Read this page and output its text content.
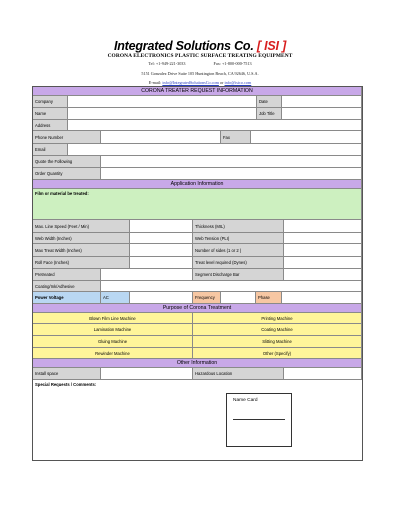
Integrated Solutions Co. [ ISI ]
CORONA ELECTRONICS PLASTIC SURFACE TREATING EQUIPMENT
Tel: +1-949-221-3033	Fax: +1-800-000-7513
5151 Gonzalez Drive Suite 105 Huntington Beach, CA 92646, U.S.A.
E-mail: info@IntegratedSolutionsCo.com or info@isico.com
CORONA TREATER REQUEST INFORMATION
Company	Date
Name	Job Title
Address
Phone Number	Fax
Email
Quote the Following
Order Quantity
Application Information
Film or material be treated:
Max. Line Speed (Feet / Min)	Thickness (MIL)
Web Width (Inches)	Web Tension (PLI)
Max Treat Width (Inches)	Number of sides (1 or 2 )
Roll Face (Inches)	Treat level required (Dynes)
Pretreated	Segment Discharge Bar
Coating/Ink/Adhesive
Power Voltage	AC	Frequency	Phase
Purpose of Corona Treatment
Blown Film Line Machine	Printing Machine
Lamination Machine	Coating Machine
Gluing Machine	Slitting Machine
Rewinder Machine	Other (Specify)
Other Information
Install space	Hazardous Location
Special Requests / Comments:
Name Card
